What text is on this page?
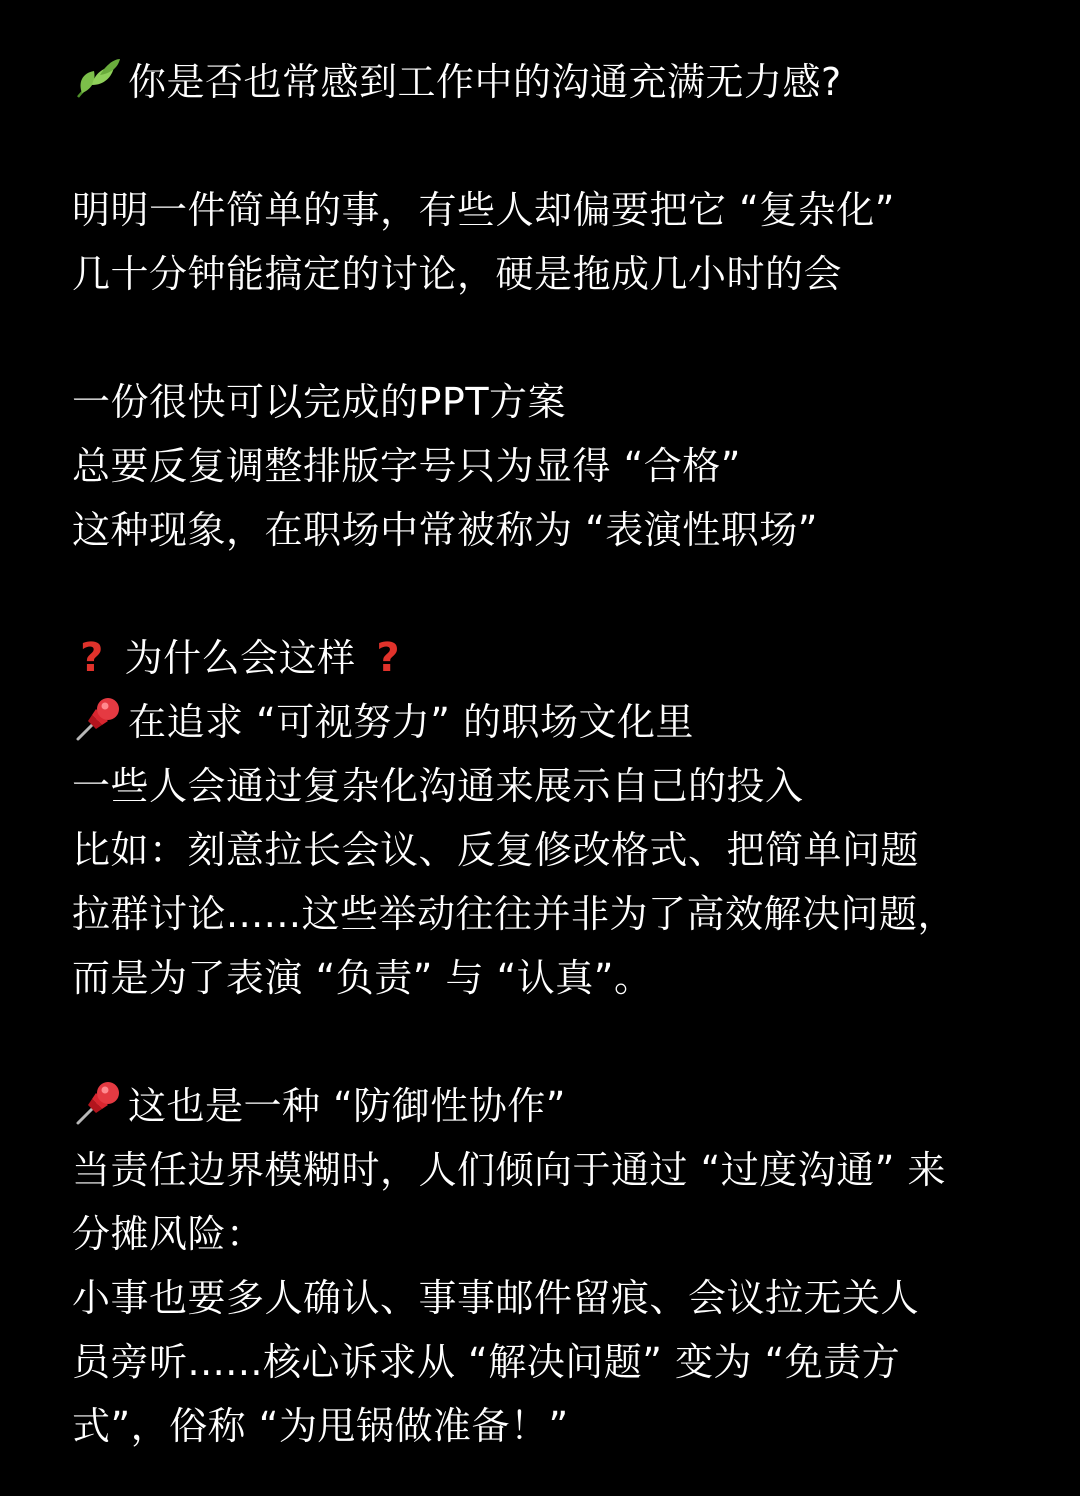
你是否也常感到工作中的沟通充满无力感?
明明一件简单的事，有些人却偏要把它 “复杂化”
几十分钟能搞定的讨论，硬是拖成几小时的会
一份很快可以完成的PPT方案
总要反复调整排版字号只为显得 “合格”
这种现象，在职场中常被称为 “表演性职场”
? 为什么会这样 ?
在追求 “可视努力” 的职场文化里
一些人会通过复杂化沟通来展示自己的投入
比如：刻意拉长会议、反复修改格式、把简单问题
拉群讨论......这些举动往往并非为了高效解决问题，
而是为了表演 “负责” 与 “认真”。
这也是一种 “防御性协作”
当责任边界模糊时，人们倾向于通过 “过度沟通” 来
分摊风险：
小事也要多人确认、事事邮件留痕、会议拉无关人
员旁听......核心诉求从 “解决问题” 变为 “免责方
式”，俗称 “为甩锅做准备！”
